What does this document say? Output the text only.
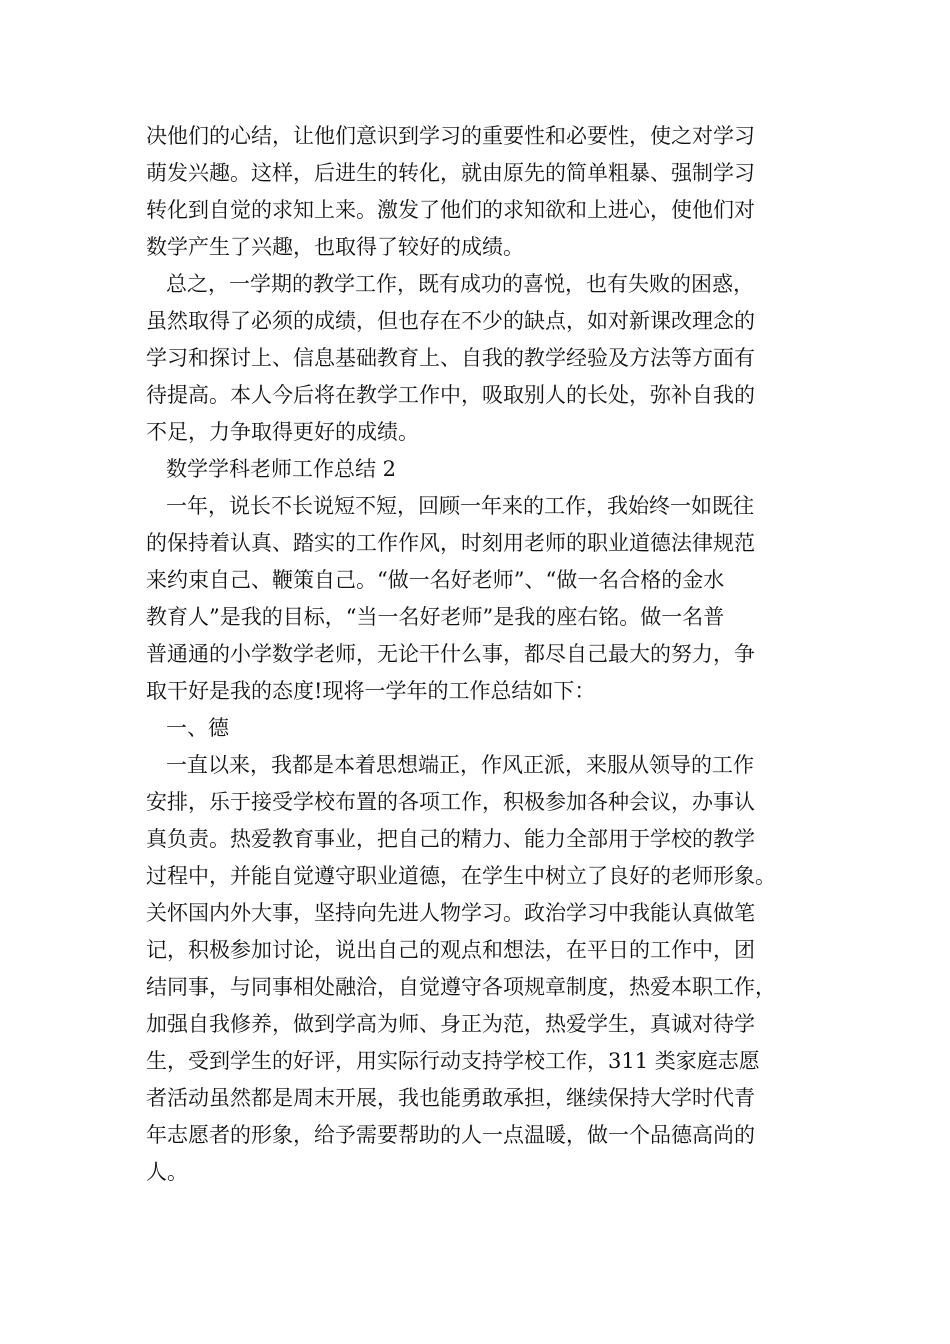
决他们的心结，让他们意识到学习的重要性和必要性，使之对学习

萌发兴趣。这样，后进生的转化，就由原先的简单粗暴、强制学习

转化到自觉的求知上来。激发了他们的求知欲和上进心，使他们对

数学产生了兴趣，也取得了较好的成绩。

总之，一学期的教学工作，既有成功的喜悦，也有失败的困惑，

虽然取得了必须的成绩，但也存在不少的缺点，如对新课改理念的

学习和探讨上、信息基础教育上、自我的教学经验及方法等方面有

待提高。本人今后将在教学工作中，吸取别人的长处，弥补自我的

不足，力争取得更好的成绩。

数学学科老师工作总结 2

一年，说长不长说短不短，回顾一年来的工作，我始终一如既往

的保持着认真、踏实的工作作风，时刻用老师的职业道德法律规范

来约束自己、鞭策自己。“做一名好老师”、“做一名合格的金水

教育人”是我的目标，“当一名好老师”是我的座右铭。做一名普

普通通的小学数学老师，无论干什么事，都尽自己最大的努力，争

取干好是我的态度!现将一学年的工作总结如下：

一、德

一直以来，我都是本着思想端正，作风正派，来服从领导的工作

安排，乐于接受学校布置的各项工作，积极参加各种会议，办事认

真负责。热爱教育事业，把自己的精力、能力全部用于学校的教学

过程中，并能自觉遵守职业道德，在学生中树立了良好的老师形象。

关怀国内外大事，坚持向先进人物学习。政治学习中我能认真做笔

记，积极参加讨论，说出自己的观点和想法，在平日的工作中，团

结同事，与同事相处融洽，自觉遵守各项规章制度，热爱本职工作，

加强自我修养，做到学高为师、身正为范，热爱学生，真诚对待学

生，受到学生的好评，用实际行动支持学校工作，311 类家庭志愿

者活动虽然都是周末开展，我也能勇敢承担，继续保持大学时代青

年志愿者的形象，给予需要帮助的人一点温暖，做一个品德高尚的

人。
